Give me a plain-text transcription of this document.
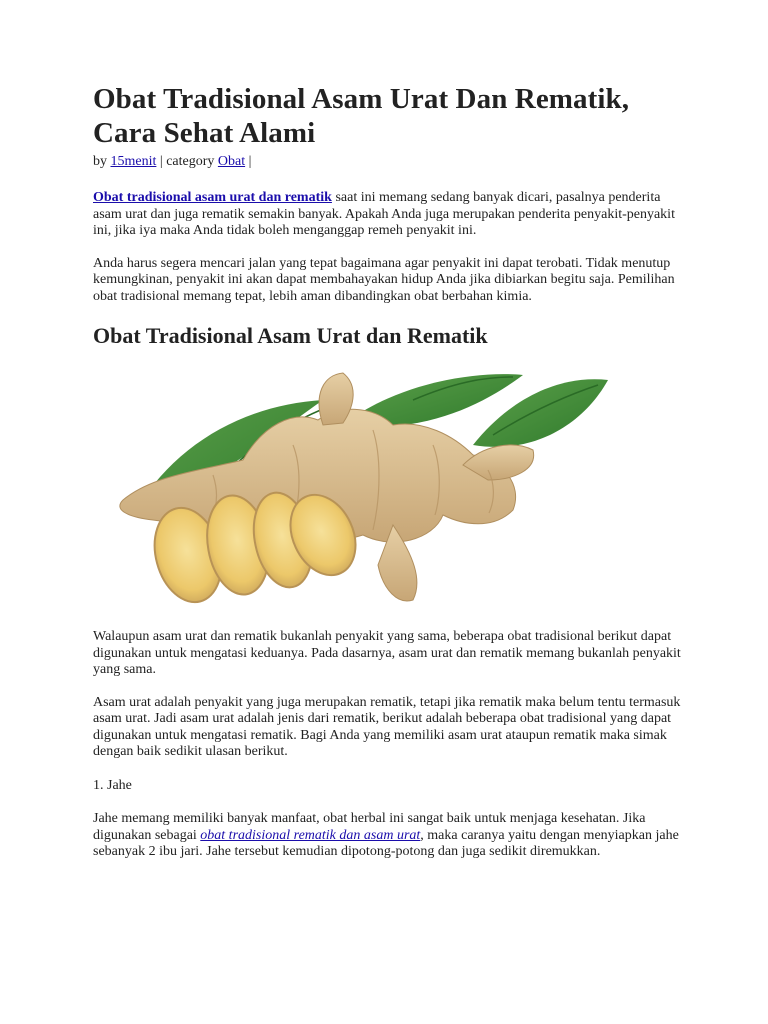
Obat Tradisional Asam Urat Dan Rematik, Cara Sehat Alami
by 15menit | category Obat |

Obat tradisional asam urat dan rematik saat ini memang sedang banyak dicari, pasalnya penderita asam urat dan juga rematik semakin banyak. Apakah Anda juga merupakan penderita penyakit-penyakit ini, jika iya maka Anda tidak boleh menganggap remeh penyakit ini.

Anda harus segera mencari jalan yang tepat bagaimana agar penyakit ini dapat terobati. Tidak menutup kemungkinan, penyakit ini akan dapat membahayakan hidup Anda jika dibiarkan begitu saja. Pemilihan obat tradisional memang tepat, lebih aman dibandingkan obat berbahan kimia.

Obat Tradisional Asam Urat dan Rematik

Walaupun asam urat dan rematik bukanlah penyakit yang sama, beberapa obat tradisional berikut dapat digunakan untuk mengatasi keduanya. Pada dasarnya, asam urat dan rematik memang bukanlah penyakit yang sama.

Asam urat adalah penyakit yang juga merupakan rematik, tetapi jika rematik maka belum tentu termasuk asam urat. Jadi asam urat adalah jenis dari rematik, berikut adalah beberapa obat tradisional yang dapat digunakan untuk mengatasi rematik. Bagi Anda yang memiliki asam urat ataupun rematik maka simak dengan baik sedikit ulasan berikut.

1. Jahe

Jahe memang memiliki banyak manfaat, obat herbal ini sangat baik untuk menjaga kesehatan. Jika digunakan sebagai obat tradisional rematik dan asam urat, maka caranya yaitu dengan menyiapkan jahe sebanyak 2 ibu jari. Jahe tersebut kemudian dipotong-potong dan juga sedikit diremukkan.
